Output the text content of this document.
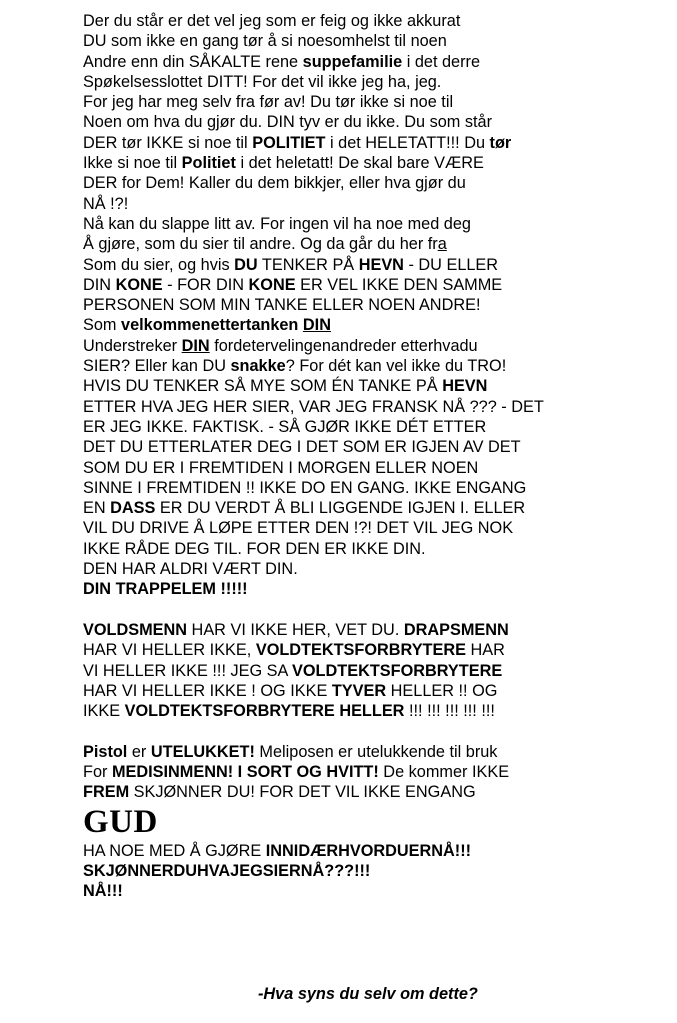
Der du står er det vel jeg som er feig og ikke akkurat
DU som ikke en gang tør å si noesomhelst til noen
Andre enn din SÅKALTE rene suppefamilie i det derre
Spøkelsesslottet DITT! For det vil ikke jeg ha, jeg.
For jeg har meg selv fra før av! Du tør ikke si noe til
Noen om hva du gjør du. DIN tyv er du ikke. Du som står
DER tør IKKE si noe til POLITIET i det HELETATT!!! Du tør
Ikke si noe til Politiet i det heletatt! De skal bare VÆRE
DER for Dem! Kaller du dem bikkjer, eller hva gjør du
NÅ !?!
Nå kan du slappe litt av. For ingen vil ha noe med deg
Å gjøre, som du sier til andre. Og da går du her fra
Som du sier, og hvis DU TENKER PÅ HEVN - DU ELLER
DIN KONE - FOR DIN KONE ER VEL IKKE DEN SAMME
PERSONEN SOM MIN TANKE ELLER NOEN ANDRE!
Som velkommenettertanken DIN
Understreker DIN fordetervelingenandreder etterhvadu
SIER? Eller kan DU snakke? For dét kan vel ikke du TRO!
HVIS DU TENKER SÅ MYE SOM ÉN TANKE PÅ HEVN
ETTER HVA JEG HER SIER, VAR JEG FRANSK NÅ ??? - DET
ER JEG IKKE. FAKTISK. - SÅ GJØR IKKE DÉT ETTER
DET DU ETTERLATER DEG I DET SOM ER IGJEN AV DET
SOM DU ER I FREMTIDEN I MORGEN ELLER NOEN
SINNE I FREMTIDEN !! IKKE DO EN GANG. IKKE ENGANG
EN DASS ER DU VERDT Å BLI LIGGENDE IGJEN I. ELLER
VIL DU DRIVE Å LØPE ETTER DEN !?! DET VIL JEG NOK
IKKE RÅDE DEG TIL. FOR DEN ER IKKE DIN.
DEN HAR ALDRI VÆRT DIN.
DIN TRAPPELEM !!!!!
VOLDSMENN HAR VI IKKE HER, VET DU. DRAPSMENN
HAR VI HELLER IKKE, VOLDTEKTSFORBRYTERE HAR
VI HELLER IKKE !!! JEG SA VOLDTEKTSFORBRYTERE
HAR VI HELLER IKKE ! OG IKKE TYVER HELLER !! OG
IKKE VOLDTEKTSFORBRYTERE HELLER !!! !!! !!! !!! !!!
Pistol er UTELUKKET! Meliposen er utelukkende til bruk
For MEDISINMENN! I SORT OG HVITT! De kommer IKKE
FREM SKJØNNER DU! FOR DET VIL IKKE ENGANG
GUD
HA NOE MED Å GJØRE INNIDÆRHVORDUERNÅ!!!
SKJØNNERDUHVAJEGSIERNÅ???!!!
NÅ!!!
-Hva syns du selv om dette?
